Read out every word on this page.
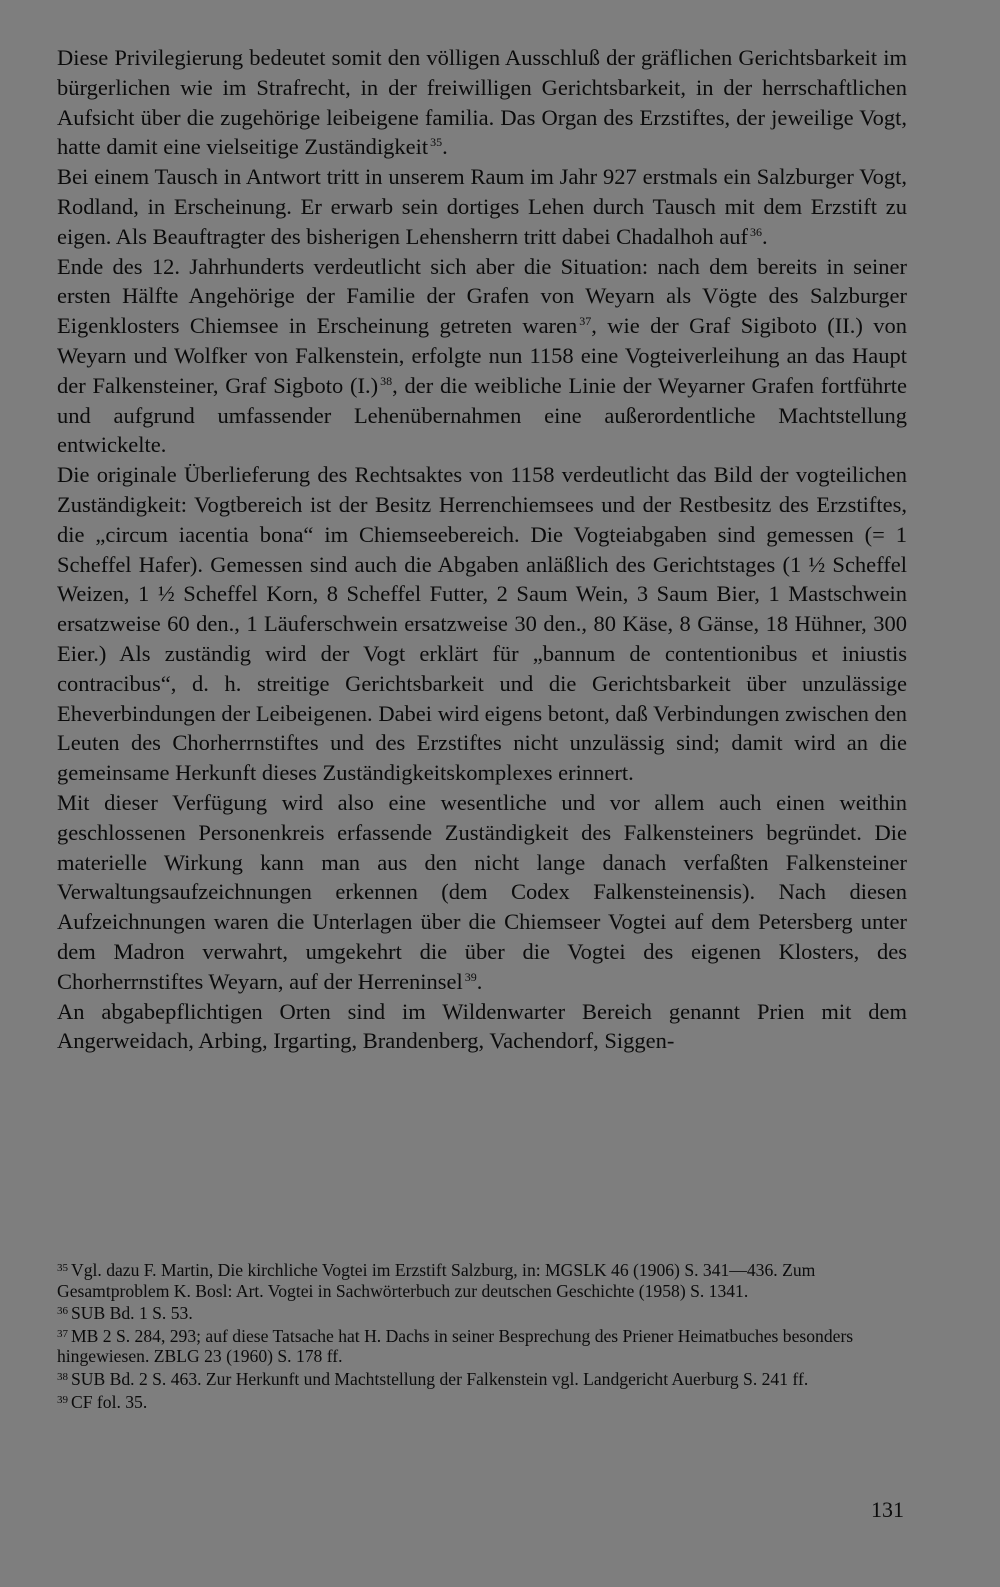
Diese Privilegierung bedeutet somit den völligen Ausschluß der gräflichen Gerichtsbarkeit im bürgerlichen wie im Strafrecht, in der freiwilligen Gerichtsbarkeit, in der herrschaftlichen Aufsicht über die zugehörige leibeigene familia. Das Organ des Erzstiftes, der jeweilige Vogt, hatte damit eine vielseitige Zuständigkeit $^{35}$.

Bei einem Tausch in Antwort tritt in unserem Raum im Jahr 927 erstmals ein Salzburger Vogt, Rodland, in Erscheinung. Er erwarb sein dortiges Lehen durch Tausch mit dem Erzstift zu eigen. Als Beauftragter des bisherigen Lehensherrn tritt dabei Chadalhoh auf $^{36}$.

Ende des 12. Jahrhunderts verdeutlicht sich aber die Situation: nach dem bereits in seiner ersten Hälfte Angehörige der Familie der Grafen von Weyarn als Vögte des Salzburger Eigenklosters Chiemsee in Erscheinung getreten waren $^{37}$, wie der Graf Sigiboto (II.) von Weyarn und Wolfker von Falkenstein, erfolgte nun 1158 eine Vogteiverleihung an das Haupt der Falkensteiner, Graf Sigboto (I.) $^{38}$, der die weibliche Linie der Weyarner Grafen fortführte und aufgrund umfassender Lehenübernahmen eine außerordentliche Machtstellung entwickelte.

Die originale Überlieferung des Rechtsaktes von 1158 verdeutlicht das Bild der vogteilichen Zuständigkeit: Vogtbereich ist der Besitz Herrenchiemsees und der Restbesitz des Erzstiftes, die „circum iacentia bona“ im Chiemseebereich. Die Vogteiabgaben sind gemessen (= 1 Scheffel Hafer). Gemessen sind auch die Abgaben anläßlich des Gerichtstages (1 ½ Scheffel Weizen, 1 ½ Scheffel Korn, 8 Scheffel Futter, 2 Saum Wein, 3 Saum Bier, 1 Mastschwein ersatzweise 60 den., 1 Läuferschwein ersatzweise 30 den., 80 Käse, 8 Gänse, 18 Hühner, 300 Eier.) Als zuständig wird der Vogt erklärt für „bannum de contentionibus et iniustis contracibus“, d. h. streitige Gerichtsbarkeit und die Gerichtsbarkeit über unzulässige Eheverbindungen der Leibeigenen. Dabei wird eigens betont, daß Verbindungen zwischen den Leuten des Chorherrnstiftes und des Erzstiftes nicht unzulässig sind; damit wird an die gemeinsame Herkunft dieses Zuständigkeitskomplexes erinnert.

Mit dieser Verfügung wird also eine wesentliche und vor allem auch einen weithin geschlossenen Personenkreis erfassende Zuständigkeit des Falkensteiners begründet. Die materielle Wirkung kann man aus den nicht lange danach verfaßten Falkensteiner Verwaltungsaufzeichnungen erkennen (dem Codex Falkensteinensis). Nach diesen Aufzeichnungen waren die Unterlagen über die Chiemseer Vogtei auf dem Petersberg unter dem Madron verwahrt, umgekehrt die über die Vogtei des eigenen Klosters, des Chorherrnstiftes Weyarn, auf der Herreninsel $^{39}$.

An abgabepflichtigen Orten sind im Wildenwarter Bereich genannt Prien mit dem Angerweidach, Arbing, Irgarting, Brandenberg, Vachendorf, Siggen-

$^{35}$ Vgl. dazu F. Martin, Die kirchliche Vogtei im Erzstift Salzburg, in: MGSLK 46 (1906) S. 341—436. Zum Gesamtproblem K. Bosl: Art. Vogtei in Sachwörterbuch zur deutschen Geschichte (1958) S. 1341.

$^{36}$ SUB Bd. 1 S. 53.

$^{37}$ MB 2 S. 284, 293; auf diese Tatsache hat H. Dachs in seiner Besprechung des Priener Heimatbuches besonders hingewiesen. ZBLG 23 (1960) S. 178 ff.

$^{38}$ SUB Bd. 2 S. 463. Zur Herkunft und Machtstellung der Falkenstein vgl. Landgericht Auerburg S. 241 ff.

$^{39}$ CF fol. 35.

131
